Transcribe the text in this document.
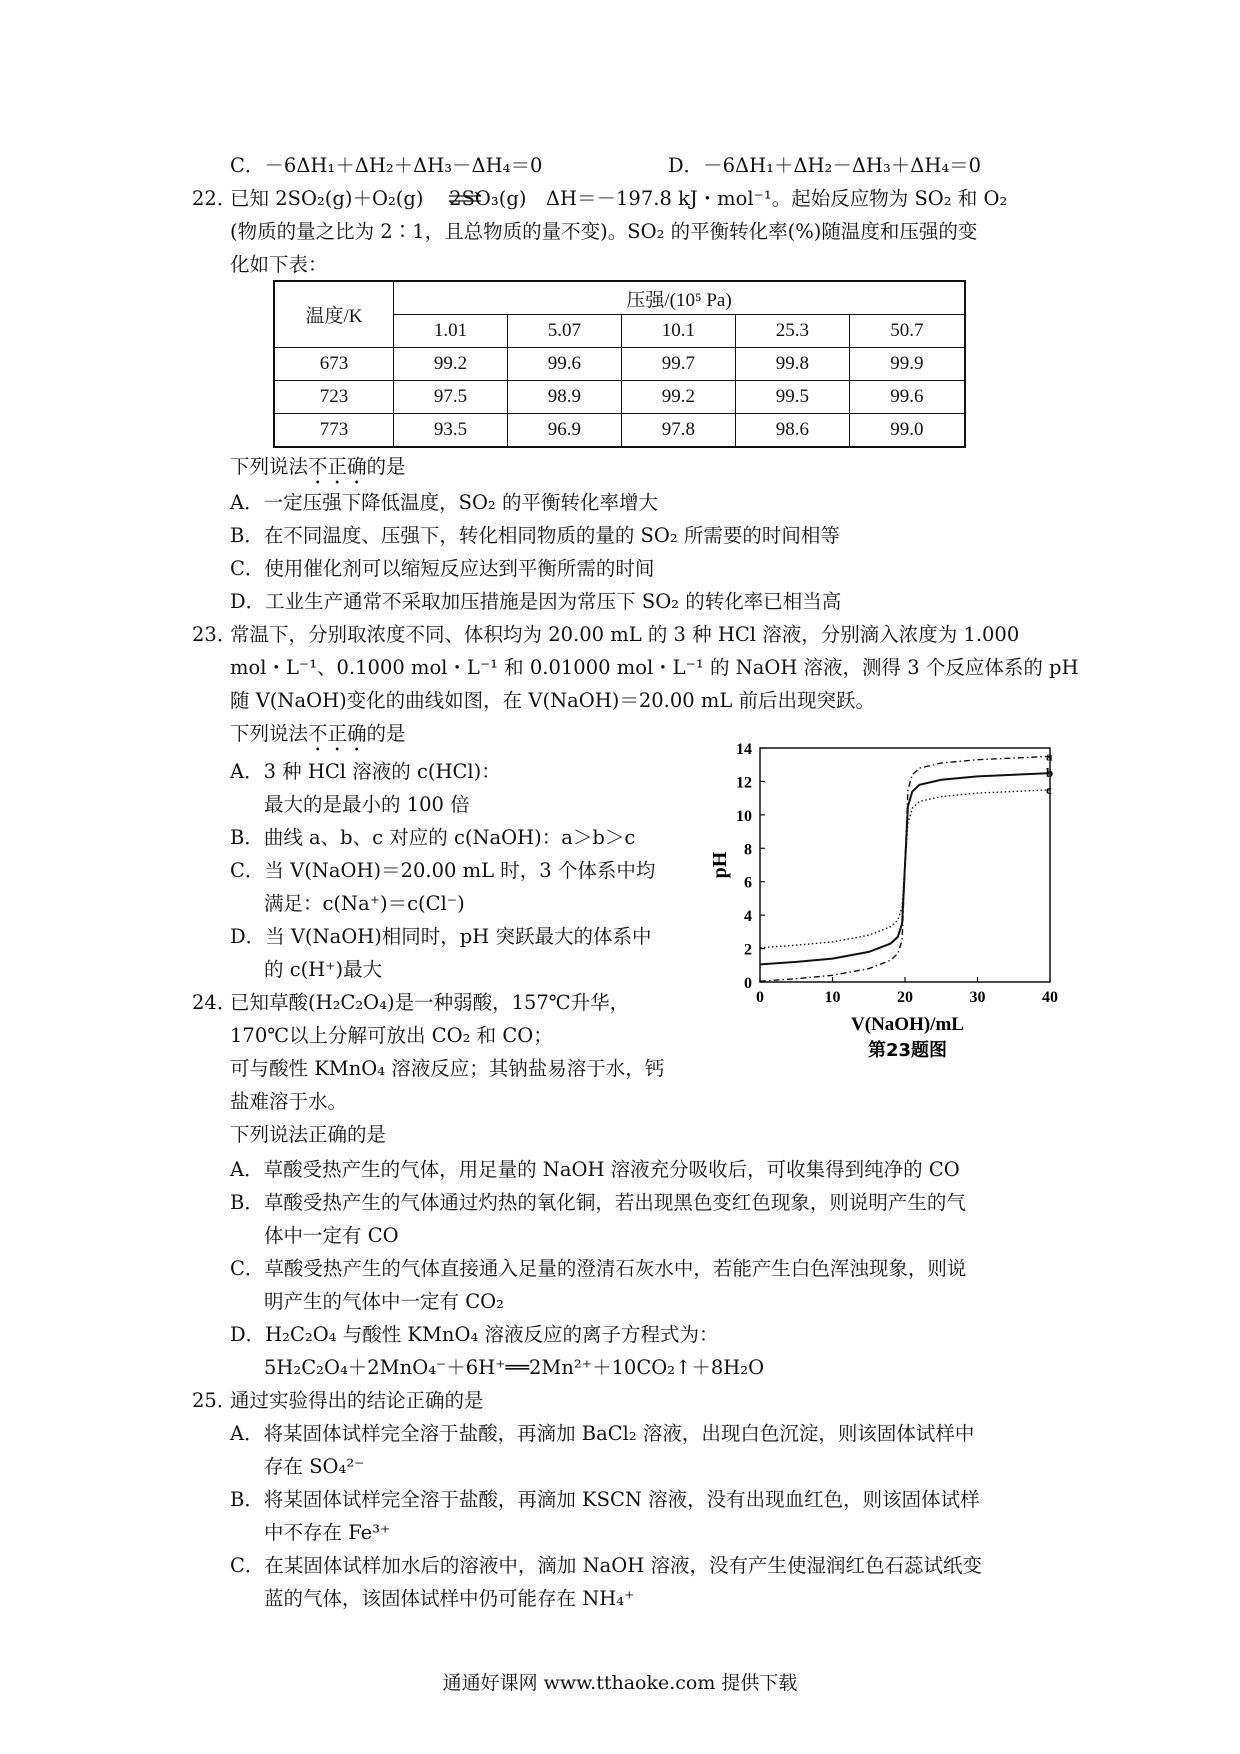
C．－6ΔH₁＋ΔH₂＋ΔH₃－ΔH₄＝0	D．－6ΔH₁＋ΔH₂－ΔH₃＋ΔH₄＝0
22．
已知 2SO₂(g)＋O₂(g)　 2SO₃(g)　ΔH＝－197.8 kJ・mol⁻¹。起始反应物为 SO₂ 和 O₂
(物质的量之比为 2∶1，且总物质的量不变)。SO₂ 的平衡转化率(%)随温度和压强的变
化如下表：
温度/K	压强/(10⁵ Pa)				
	1.01	5.07	10.1	25.3	50.7
673	99.2	99.6	99.7	99.8	99.9
723	97.5	98.9	99.2	99.5	99.6
773	93.5	96.9	97.8	98.6	99.0
下列说法不正确的是
A．一定压强下降低温度，SO₂ 的平衡转化率增大
B．在不同温度、压强下，转化相同物质的量的 SO₂ 所需要的时间相等
C．使用催化剂可以缩短反应达到平衡所需的时间
D．工业生产通常不采取加压措施是因为常压下 SO₂ 的转化率已相当高
23．
常温下，分别取浓度不同、体积均为 20.00 mL 的 3 种 HCl 溶液，分别滴入浓度为 1.000
mol・L⁻¹、0.1000 mol・L⁻¹ 和 0.01000 mol・L⁻¹ 的 NaOH 溶液，测得 3 个反应体系的 pH
随 V(NaOH)变化的曲线如图，在 V(NaOH)＝20.00 mL 前后出现突跃。
下列说法不正确的是
A．3 种 HCl 溶液的 c(HCl)：
最大的是最小的 100 倍
B．曲线 a、b、c 对应的 c(NaOH)：a＞b＞c
C．当 V(NaOH)＝20.00 mL 时，3 个体系中均
满足：c(Na⁺)＝c(Cl⁻)
D．当 V(NaOH)相同时，pH 突跃最大的体系中
的 c(H⁺)最大
0
2
4
6
8
10
12
14
0	10	20	30	40
a
b
c
pH
V(NaOH)/mL
第23题图
24．
已知草酸(H₂C₂O₄)是一种弱酸，157℃升华，
170℃以上分解可放出 CO₂ 和 CO；
可与酸性 KMnO₄ 溶液反应；其钠盐易溶于水，钙
盐难溶于水。
下列说法正确的是
A．草酸受热产生的气体，用足量的 NaOH 溶液充分吸收后，可收集得到纯净的 CO
B．草酸受热产生的气体通过灼热的氧化铜，若出现黑色变红色现象，则说明产生的气
体中一定有 CO
C．草酸受热产生的气体直接通入足量的澄清石灰水中，若能产生白色浑浊现象，则说
明产生的气体中一定有 CO₂
D．H₂C₂O₄ 与酸性 KMnO₄ 溶液反应的离子方程式为：
5H₂C₂O₄＋2MnO₄⁻＋6H⁺══2Mn²⁺＋10CO₂↑＋8H₂O
25．
通过实验得出的结论正确的是
A．将某固体试样完全溶于盐酸，再滴加 BaCl₂ 溶液，出现白色沉淀，则该固体试样中
存在 SO₄²⁻
B．将某固体试样完全溶于盐酸，再滴加 KSCN 溶液，没有出现血红色，则该固体试样
中不存在 Fe³⁺
C．在某固体试样加水后的溶液中，滴加 NaOH 溶液，没有产生使湿润红色石蕊试纸变
蓝的气体，该固体试样中仍可能存在 NH₄⁺
通通好课网 www.tthaoke.com 提供下载
